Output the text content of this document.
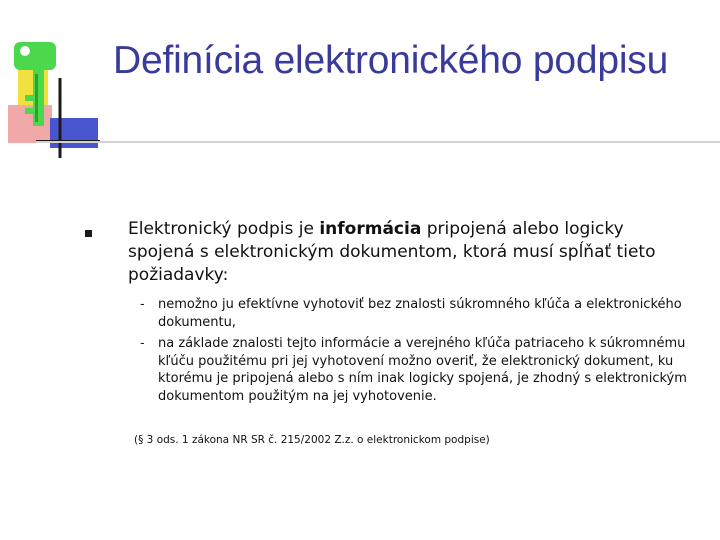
Definícia elektronického podpisu
Elektronický podpis je informácia pripojená alebo logicky spojená s elektronickým dokumentom, ktorá musí spĺňať tieto požiadavky:
- nemožno ju efektívne vyhotoviť bez znalosti súkromného kľúča a elektronického dokumentu,
- na základe znalosti tejto informácie a verejného kľúča patriaceho k súkromnému kľúču použitému pri jej vyhotovení možno overiť, že elektronický dokument, ku ktorému je pripojená alebo s ním inak logicky spojená, je zhodný s elektronickým dokumentom použitým na jej vyhotovenie.
(§ 3 ods. 1 zákona NR SR č. 215/2002 Z.z. o elektronickom podpise)
